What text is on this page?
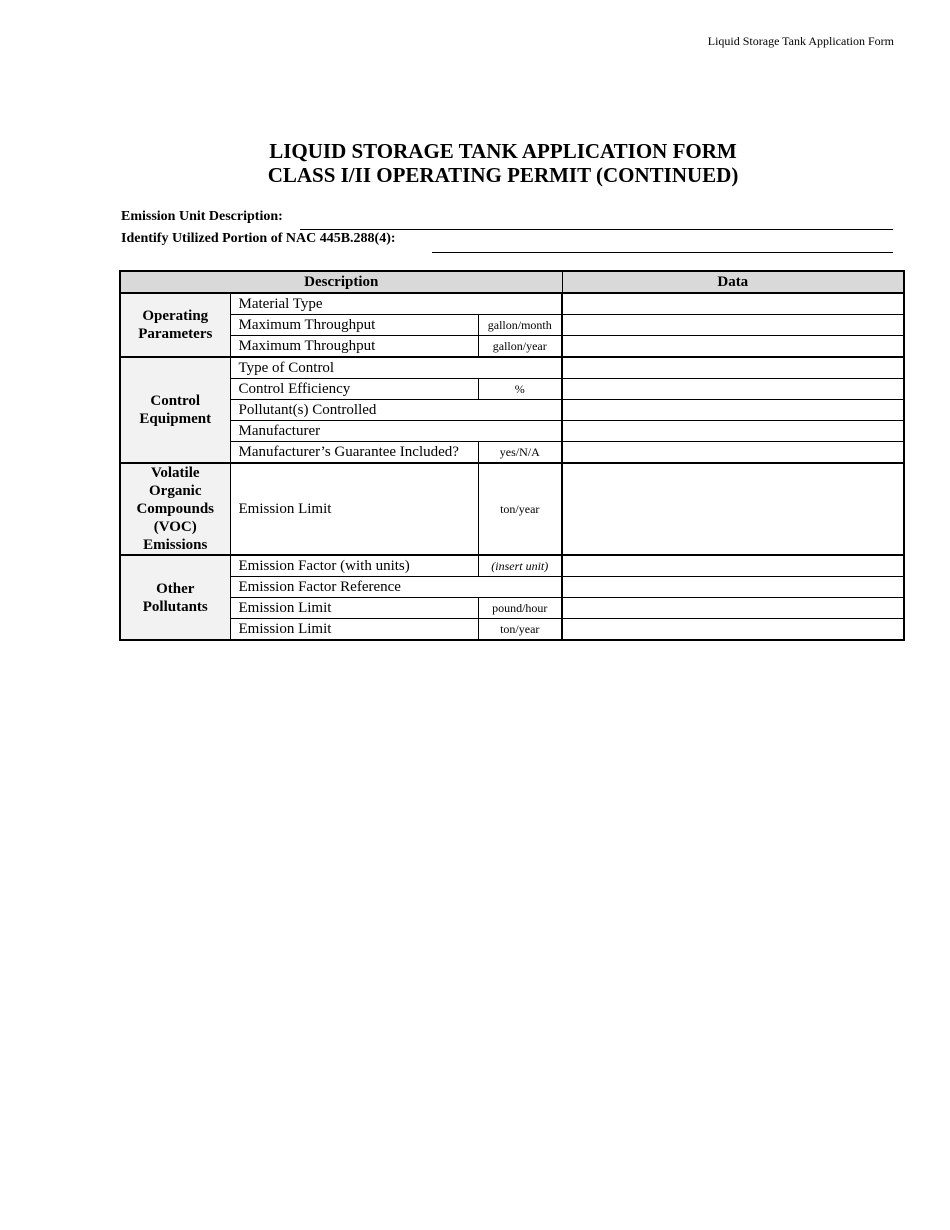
Liquid Storage Tank Application Form
LIQUID STORAGE TANK APPLICATION FORM
CLASS I/II OPERATING PERMIT (CONTINUED)
Emission Unit Description:
Identify Utilized Portion of NAC 445B.288(4):
Description			Data
Operating Parameters	Material Type		
	Maximum Throughput	gallon/month	
	Maximum Throughput	gallon/year	
Control Equipment	Type of Control		
	Control Efficiency	%	
	Pollutant(s) Controlled		
	Manufacturer		
	Manufacturer’s Guarantee Included?	yes/N/A	
Volatile Organic Compounds (VOC) Emissions	Emission Limit	ton/year	
Other Pollutants	Emission Factor (with units)	(insert unit)	
	Emission Factor Reference		
	Emission Limit	pound/hour	
	Emission Limit	ton/year	
